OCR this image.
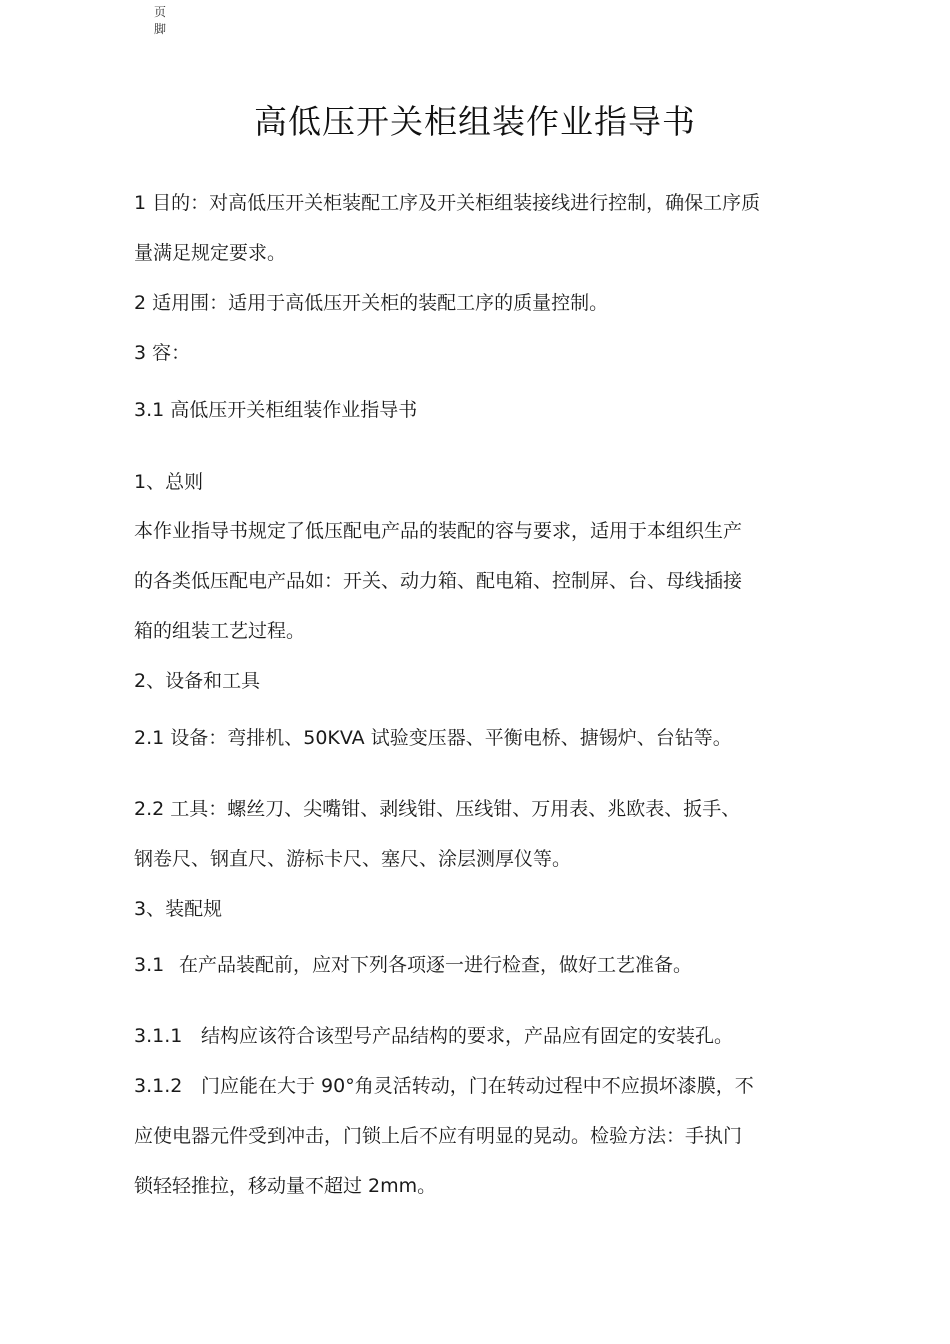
页
脚
高低压开关柜组装作业指导书
1 目的：对高低压开关柜装配工序及开关柜组装接线进行控制，确保工序质
量满足规定要求。
2 适用围：适用于高低压开关柜的装配工序的质量控制。
3 容：
3.1 高低压开关柜组装作业指导书
1、总则
本作业指导书规定了低压配电产品的装配的容与要求，适用于本组织生产
的各类低压配电产品如：开关、动力箱、配电箱、控制屏、台、母线插接
箱的组装工艺过程。
2、设备和工具
2.1 设备：弯排机、50KVA 试验变压器、平衡电桥、搪锡炉、台钻等。
2.2 工具：螺丝刀、尖嘴钳、剥线钳、压线钳、万用表、兆欧表、扳手、
钢卷尺、钢直尺、游标卡尺、塞尺、涂层测厚仪等。
3、装配规
3.1 在产品装配前，应对下列各项逐一进行检查，做好工艺准备。
3.1.1 结构应该符合该型号产品结构的要求，产品应有固定的安装孔。
3.1.2 门应能在大于 90°角灵活转动，门在转动过程中不应损坏漆膜，不
应使电器元件受到冲击，门锁上后不应有明显的晃动。检验方法：手执门
锁轻轻推拉，移动量不超过 2mm。
